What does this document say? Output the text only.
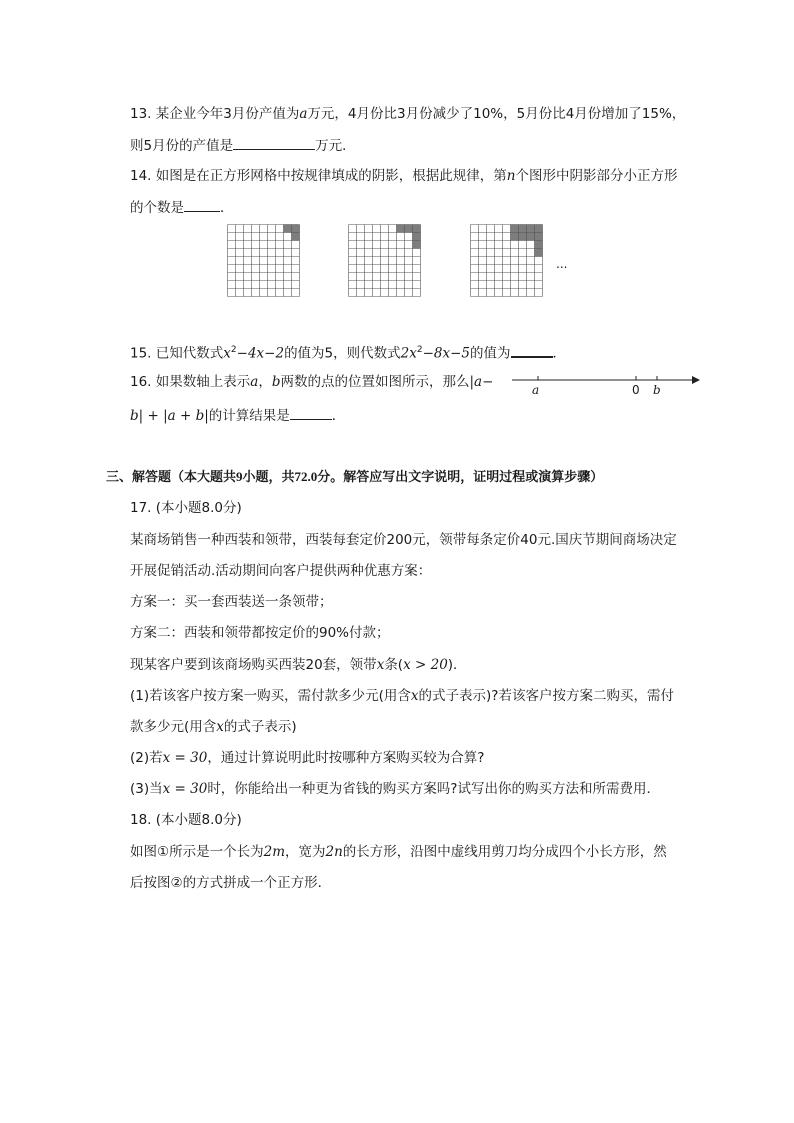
13. 某企业今年3月份产值为a万元，4月份比3月份减少了10%，5月份比4月份增加了15%，
则5月份的产值是	万元．
14. 如图是在正方形网格中按规律填成的阴影，根据此规律，第n个图形中阴影部分小正方形
的个数是	．
...
15. 已知代数式$x^2-4x-2$的值为5，则代数式$2x^2-8x-5$的值为	．
16. 如果数轴上表示a，b两数的点的位置如图所示，那么|a−
b| + |a + b|的计算结果是	．
a	0 b
三、解答题（本大题共9小题，共72.0分。解答应写出文字说明，证明过程或演算步骤）
17. (本小题8.0分)
某商场销售一种西装和领带，西装每套定价200元，领带每条定价40元.国庆节期间商场决定
开展促销活动.活动期间向客户提供两种优惠方案：
方案一：买一套西装送一条领带；
方案二：西装和领带都按定价的90%付款；
现某客户要到该商场购买西装20套，领带x条(x > 20)．
(1)若该客户按方案一购买，需付款多少元(用含x的式子表示)?若该客户按方案二购买，需付
款多少元(用含x的式子表示)
(2)若x = 30，通过计算说明此时按哪种方案购买较为合算?
(3)当x = 30时，你能给出一种更为省钱的购买方案吗?试写出你的购买方法和所需费用．
18. (本小题8.0分)
如图①所示是一个长为2m，宽为2n的长方形，沿图中虚线用剪刀均分成四个小长方形，然
后按图②的方式拼成一个正方形．
